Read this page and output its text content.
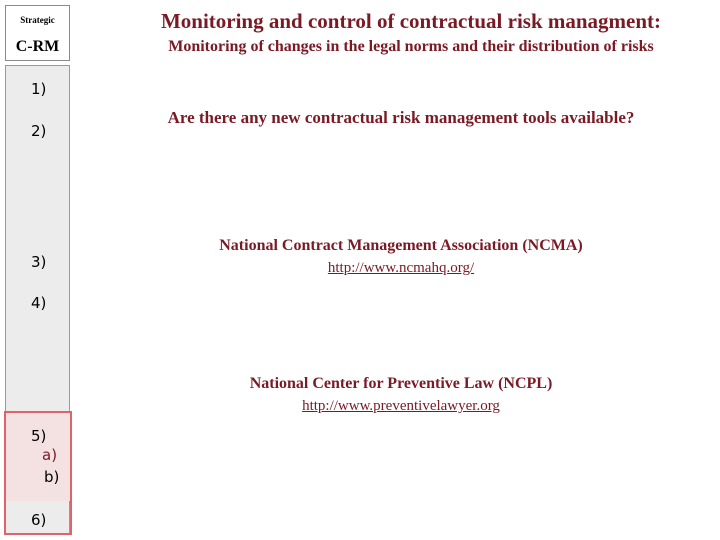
Strategic
C-RM
Monitoring and control of contractual risk managment:
Monitoring of changes in the legal norms and their distribution of risks
1)
2)
3)
4)
5)
a)
b)
6)
Are there any new contractual risk management tools available?
National Contract Management Association (NCMA)
http://www.ncmahq.org/
National Center for Preventive Law (NCPL)
http://www.preventivelawyer.org
